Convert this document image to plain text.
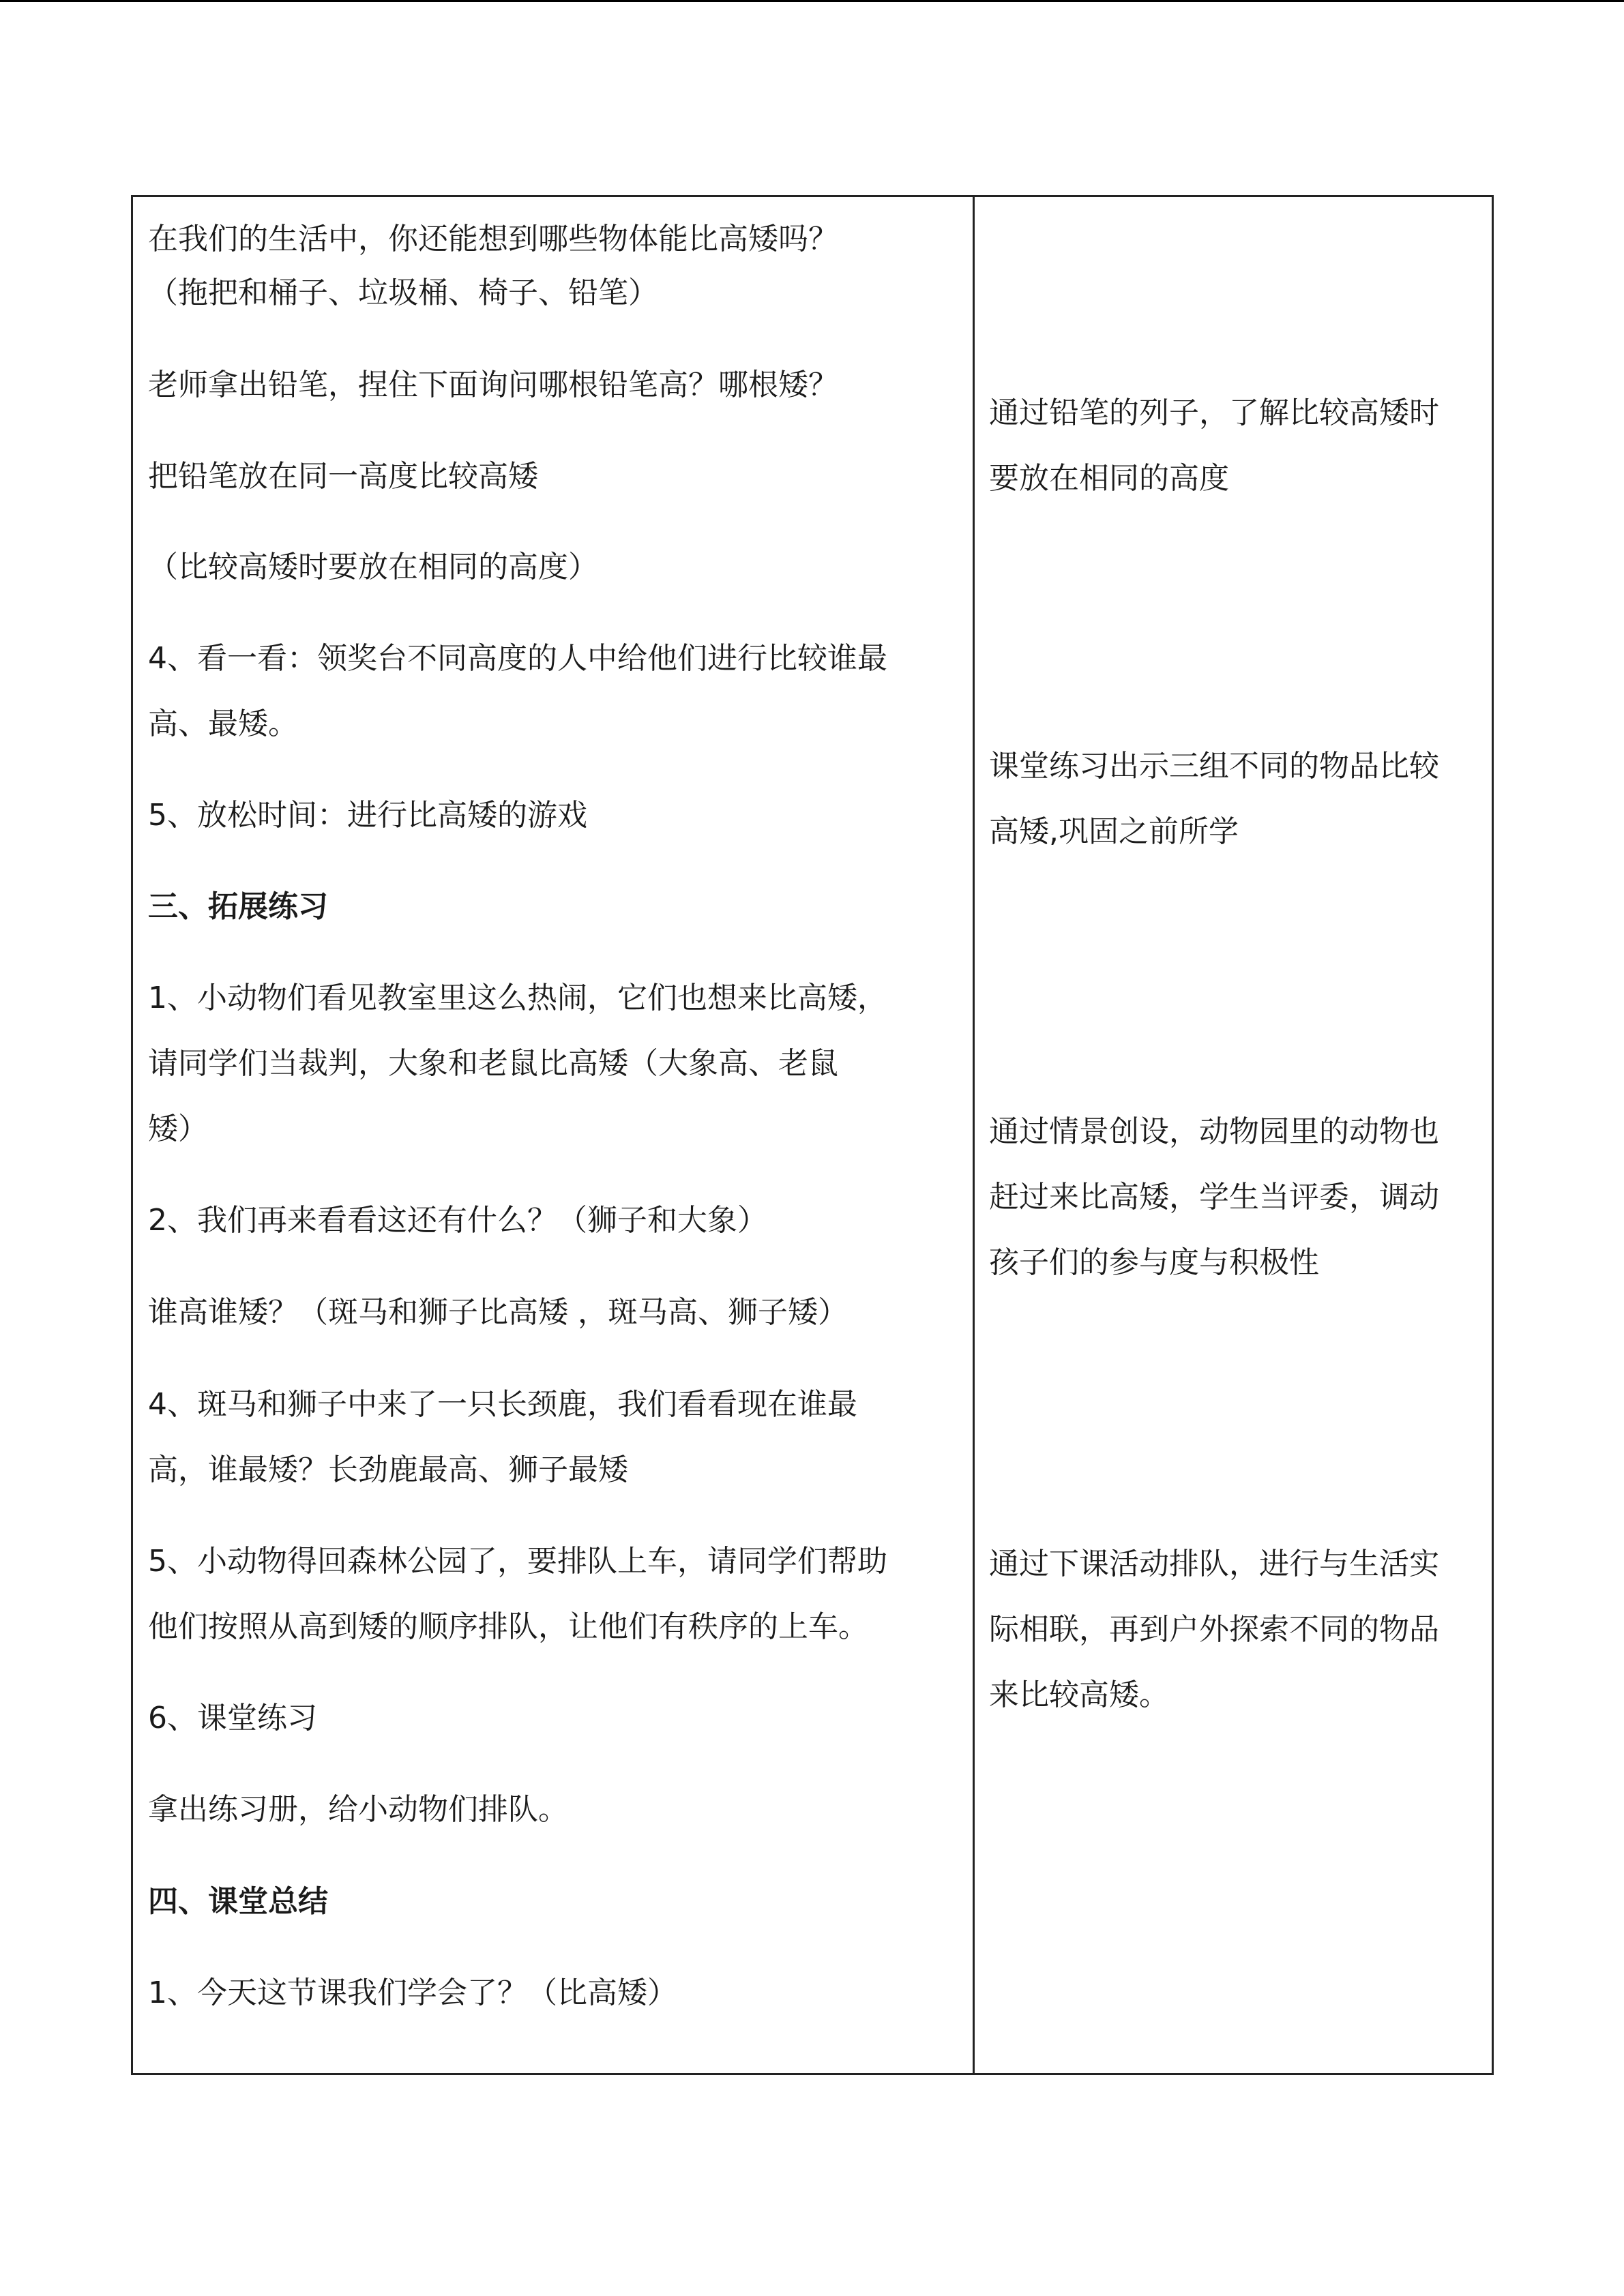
在我们的生活中，你还能想到哪些物体能比高矮吗？
（拖把和桶子、垃圾桶、椅子、铅笔）
老师拿出铅笔，捏住下面询问哪根铅笔高？哪根矮？
把铅笔放在同一高度比较高矮
（比较高矮时要放在相同的高度）
4、看一看：领奖台不同高度的人中给他们进行比较谁最
高、最矮。
5、放松时间：进行比高矮的游戏
三、拓展练习
1、小动物们看见教室里这么热闹，它们也想来比高矮，
请同学们当裁判，大象和老鼠比高矮（大象高、老鼠
矮）
2、我们再来看看这还有什么？（狮子和大象）
谁高谁矮？（斑马和狮子比高矮 ，斑马高、狮子矮）
4、斑马和狮子中来了一只长颈鹿，我们看看现在谁最
高，谁最矮？长劲鹿最高、狮子最矮
5、小动物得回森林公园了，要排队上车，请同学们帮助
他们按照从高到矮的顺序排队，让他们有秩序的上车。
6、课堂练习
拿出练习册，给小动物们排队。
四、课堂总结
1、今天这节课我们学会了？（比高矮）
通过铅笔的列子，了解比较高矮时
要放在相同的高度
课堂练习出示三组不同的物品比较
高矮,巩固之前所学
通过情景创设，动物园里的动物也
赶过来比高矮，学生当评委，调动
孩子们的参与度与积极性
通过下课活动排队，进行与生活实
际相联，再到户外探索不同的物品
来比较高矮。
